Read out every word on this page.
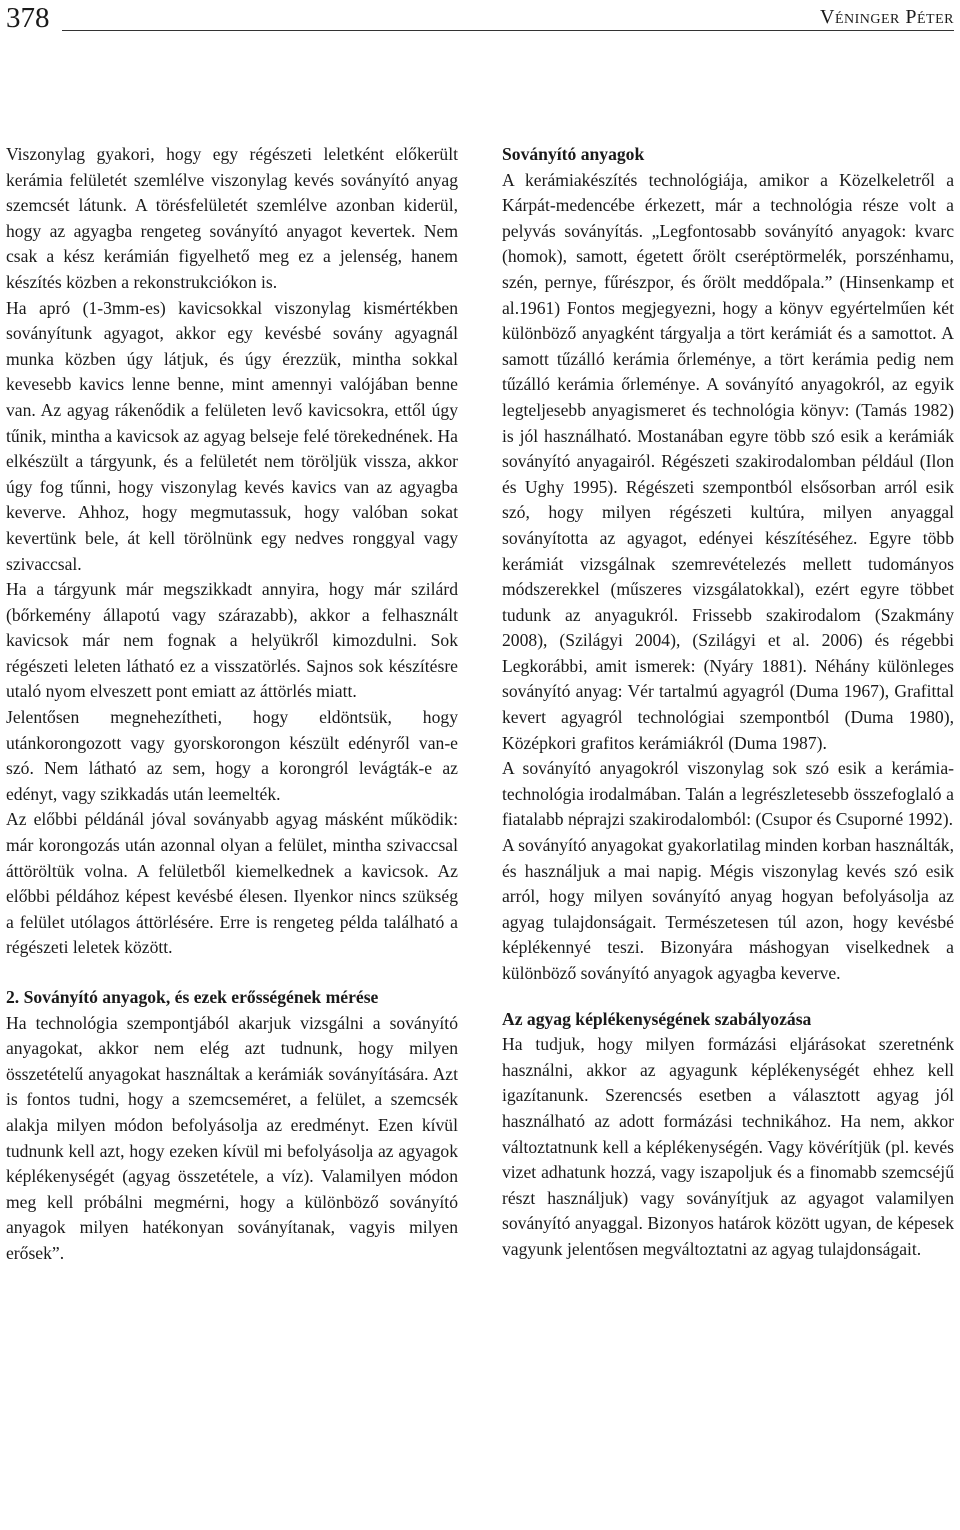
378	Véninger Péter

Viszonylag gyakori, hogy egy régészeti leletként előkerült kerámia felületét szemlélve viszonylag kevés soványító anyag szemcsét látunk. A törésfelületét szemlélve azonban kiderül, hogy az agyagba rengeteg soványító anyagot kevertek. Nem csak a kész kerámián figyelhető meg ez a jelenség, hanem készítés közben a rekonstrukciókon is.

Ha apró (1-3mm-es) kavicsokkal viszonylag kismértékben soványítunk agyagot, akkor egy kevésbé sovány agyagnál munka közben úgy látjuk, és úgy érezzük, mintha sokkal kevesebb kavics lenne benne, mint amennyi valójában benne van. Az agyag rákenődik a felületen levő kavicsokra, ettől úgy tűnik, mintha a kavicsok az agyag belseje felé törekednének. Ha elkészült a tárgyunk, és a felületét nem töröljük vissza, akkor úgy fog tűnni, hogy viszonylag kevés kavics van az agyagba keverve. Ahhoz, hogy megmutassuk, hogy valóban sokat kevertünk bele, át kell törölnünk egy nedves ronggyal vagy szivaccsal.

Ha a tárgyunk már megszikkadt annyira, hogy már szilárd (bőrkemény állapotú vagy szárazabb), akkor a felhasznált kavicsok már nem fognak a helyükről kimozdulni. Sok régészeti leleten látható ez a visszatörlés. Sajnos sok készítésre utaló nyom elveszett pont emiatt az áttörlés miatt.

Jelentősen megnehezítheti, hogy eldöntsük, hogy utánkorongozott vagy gyorskorongon készült edényről van-e szó. Nem látható az sem, hogy a korongról levágták-e az edényt, vagy szikkadás után leemelték.

Az előbbi példánál jóval soványabb agyag másként működik: már korongozás után azonnal olyan a felület, mintha szivaccsal áttöröltük volna. A felületből kiemelkednek a kavicsok. Az előbbi példához képest kevésbé élesen. Ilyenkor nincs szükség a felület utólagos áttörlésére. Erre is rengeteg példa található a régészeti leletek között.

2. Soványító anyagok, és ezek erősségének mérése

Ha technológia szempontjából akarjuk vizsgálni a soványító anyagokat, akkor nem elég azt tudnunk, hogy milyen összetételű anyagokat használtak a kerámiák soványítására. Azt is fontos tudni, hogy a szemcseméret, a felület, a szemcsék alakja milyen módon befolyásolja az eredményt. Ezen kívül tudnunk kell azt, hogy ezeken kívül mi befolyásolja az agyagok képlékenységét (agyag összetétele, a víz). Valamilyen módon meg kell próbálni megmérni, hogy a különböző soványító anyagok milyen hatékonyan soványítanak, vagyis milyen erősek”.

Soványító anyagok

A kerámiakészítés technológiája, amikor a Közelkeletről a Kárpát-medencébe érkezett, már a technológia része volt a pelyvás soványítás. „Legfontosabb soványító anyagok: kvarc (homok), samott, égetett őrölt cseréptörmelék, porszénhamu, szén, pernye, fűrészpor, és őrölt meddőpala.” (Hinsenkamp et al.1961) Fontos megjegyezni, hogy a könyv egyértelműen két különböző anyagként tárgyalja a tört kerámiát és a samottot. A samott tűzálló kerámia őrleménye, a tört kerámia pedig nem tűzálló kerámia őrleménye. A soványító anyagokról, az egyik legteljesebb anyagismeret és technológia könyv: (Tamás 1982) is jól használható. Mostanában egyre több szó esik a kerámiák soványító anyagairól. Régészeti szakirodalomban például (Ilon és Ughy 1995). Régészeti szempontból elsősorban arról esik szó, hogy milyen régészeti kultúra, milyen anyaggal soványította az agyagot, edényei készítéséhez. Egyre több kerámiát vizsgálnak szemrevételezés mellett tudományos módszerekkel (műszeres vizsgálatokkal), ezért egyre többet tudunk az anyagukról. Frissebb szakirodalom (Szakmány 2008), (Szilágyi 2004), (Szilágyi et al. 2006) és régebbi Legkorábbi, amit ismerek: (Nyáry 1881). Néhány különleges soványító anyag: Vér tartalmú agyagról (Duma 1967), Grafittal kevert agyagról technológiai szempontból (Duma 1980), Középkori grafitos kerámiákról (Duma 1987).

A soványító anyagokról viszonylag sok szó esik a kerámia-technológia irodalmában. Talán a legrészletesebb összefoglaló a fiatalabb néprajzi szakirodalomból: (Csupor és Csuporné 1992).

A soványító anyagokat gyakorlatilag minden korban használták, és használjuk a mai napig. Mégis viszonylag kevés szó esik arról, hogy milyen soványító anyag hogyan befolyásolja az agyag tulajdonságait. Természetesen túl azon, hogy kevésbé képlékennyé teszi. Bizonyára máshogyan viselkednek a különböző soványító anyagok agyagba keverve.

Az agyag képlékenységének szabályozása

Ha tudjuk, hogy milyen formázási eljárásokat szeretnénk használni, akkor az agyagunk képlékenységét ehhez kell igazítanunk. Szerencsés esetben a választott agyag jól használható az adott formázási technikához. Ha nem, akkor változtatnunk kell a képlékenységén. Vagy kövérítjük (pl. kevés vizet adhatunk hozzá, vagy iszapoljuk és a finomabb szemcséjű részt használjuk) vagy soványítjuk az agyagot valamilyen soványító anyaggal. Bizonyos határok között ugyan, de képesek vagyunk jelentősen megváltoztatni az agyag tulajdonságait.
